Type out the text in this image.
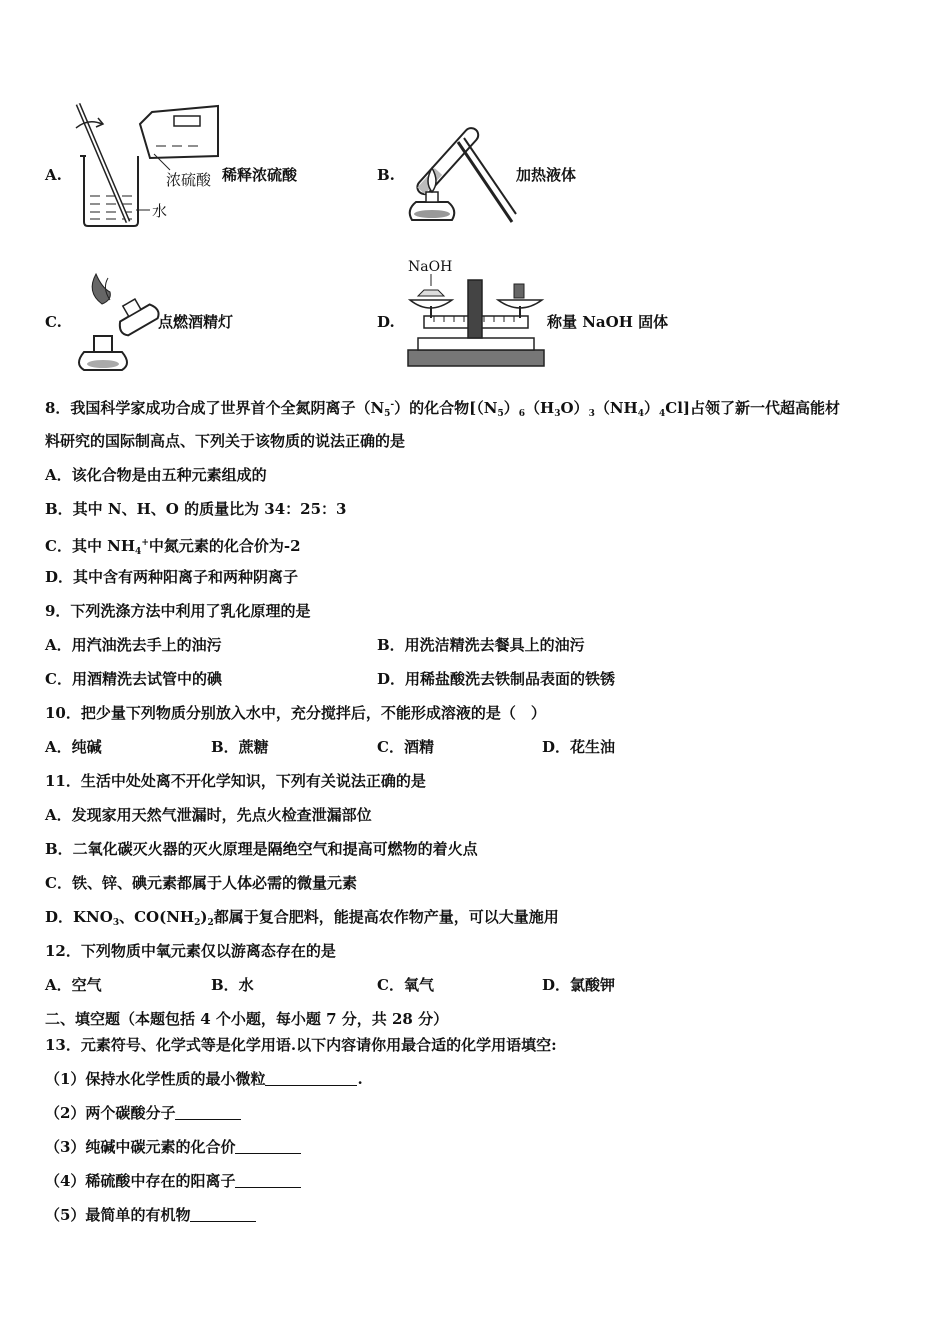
A.	浓硫酸
水
稀释浓硫酸	B.	加热液体
C.	点燃酒精灯	D.
NaOH
称量 NaOH 固体
8．我国科学家成功合成了世界首个全氮阴离子$(N_5^-)$的化合物$[(N_5)_6(H_3O)_3(NH_4)_4Cl]$占领了新一代超高能材
料研究的国际制高点、下列关于该物质的说法正确的是
A．该化合物是由五种元素组成的
B．其中 N、H、O 的质量比为 34：25：3
C．其中 $NH_4^+$中氮元素的化合价为-2
D．其中含有两种阳离子和两种阴离子
9．下列洗涤方法中利用了乳化原理的是
A．用汽油洗去手上的油污	B．用洗洁精洗去餐具上的油污
C．用酒精洗去试管中的碘	D．用稀盐酸洗去铁制品表面的铁锈
10．把少量下列物质分别放入水中，充分搅拌后，不能形成溶液的是（　）
A．纯碱	B．蔗糖	C．酒精	D．花生油
11．生活中处处离不开化学知识，下列有关说法正确的是
A．发现家用天然气泄漏时，先点火检查泄漏部位
B．二氧化碳灭火器的灭火原理是隔绝空气和提高可燃物的着火点
C．铁、锌、碘元素都属于人体必需的微量元素
D．$KNO_3$、$CO(NH_2)_2$都属于复合肥料，能提高农作物产量，可以大量施用
12．下列物质中氧元素仅以游离态存在的是
A．空气	B．水	C．氧气	D．氯酸钾
二、填空题（本题包括 4 个小题，每小题 7 分，共 28 分）
13．元素符号、化学式等是化学用语.以下内容请你用最合适的化学用语填空:
（1）保持水化学性质的最小微粒	.
（2）两个碳酸分子
（3）纯碱中碳元素的化合价
（4）稀硫酸中存在的阳离子
（5）最简单的有机物
